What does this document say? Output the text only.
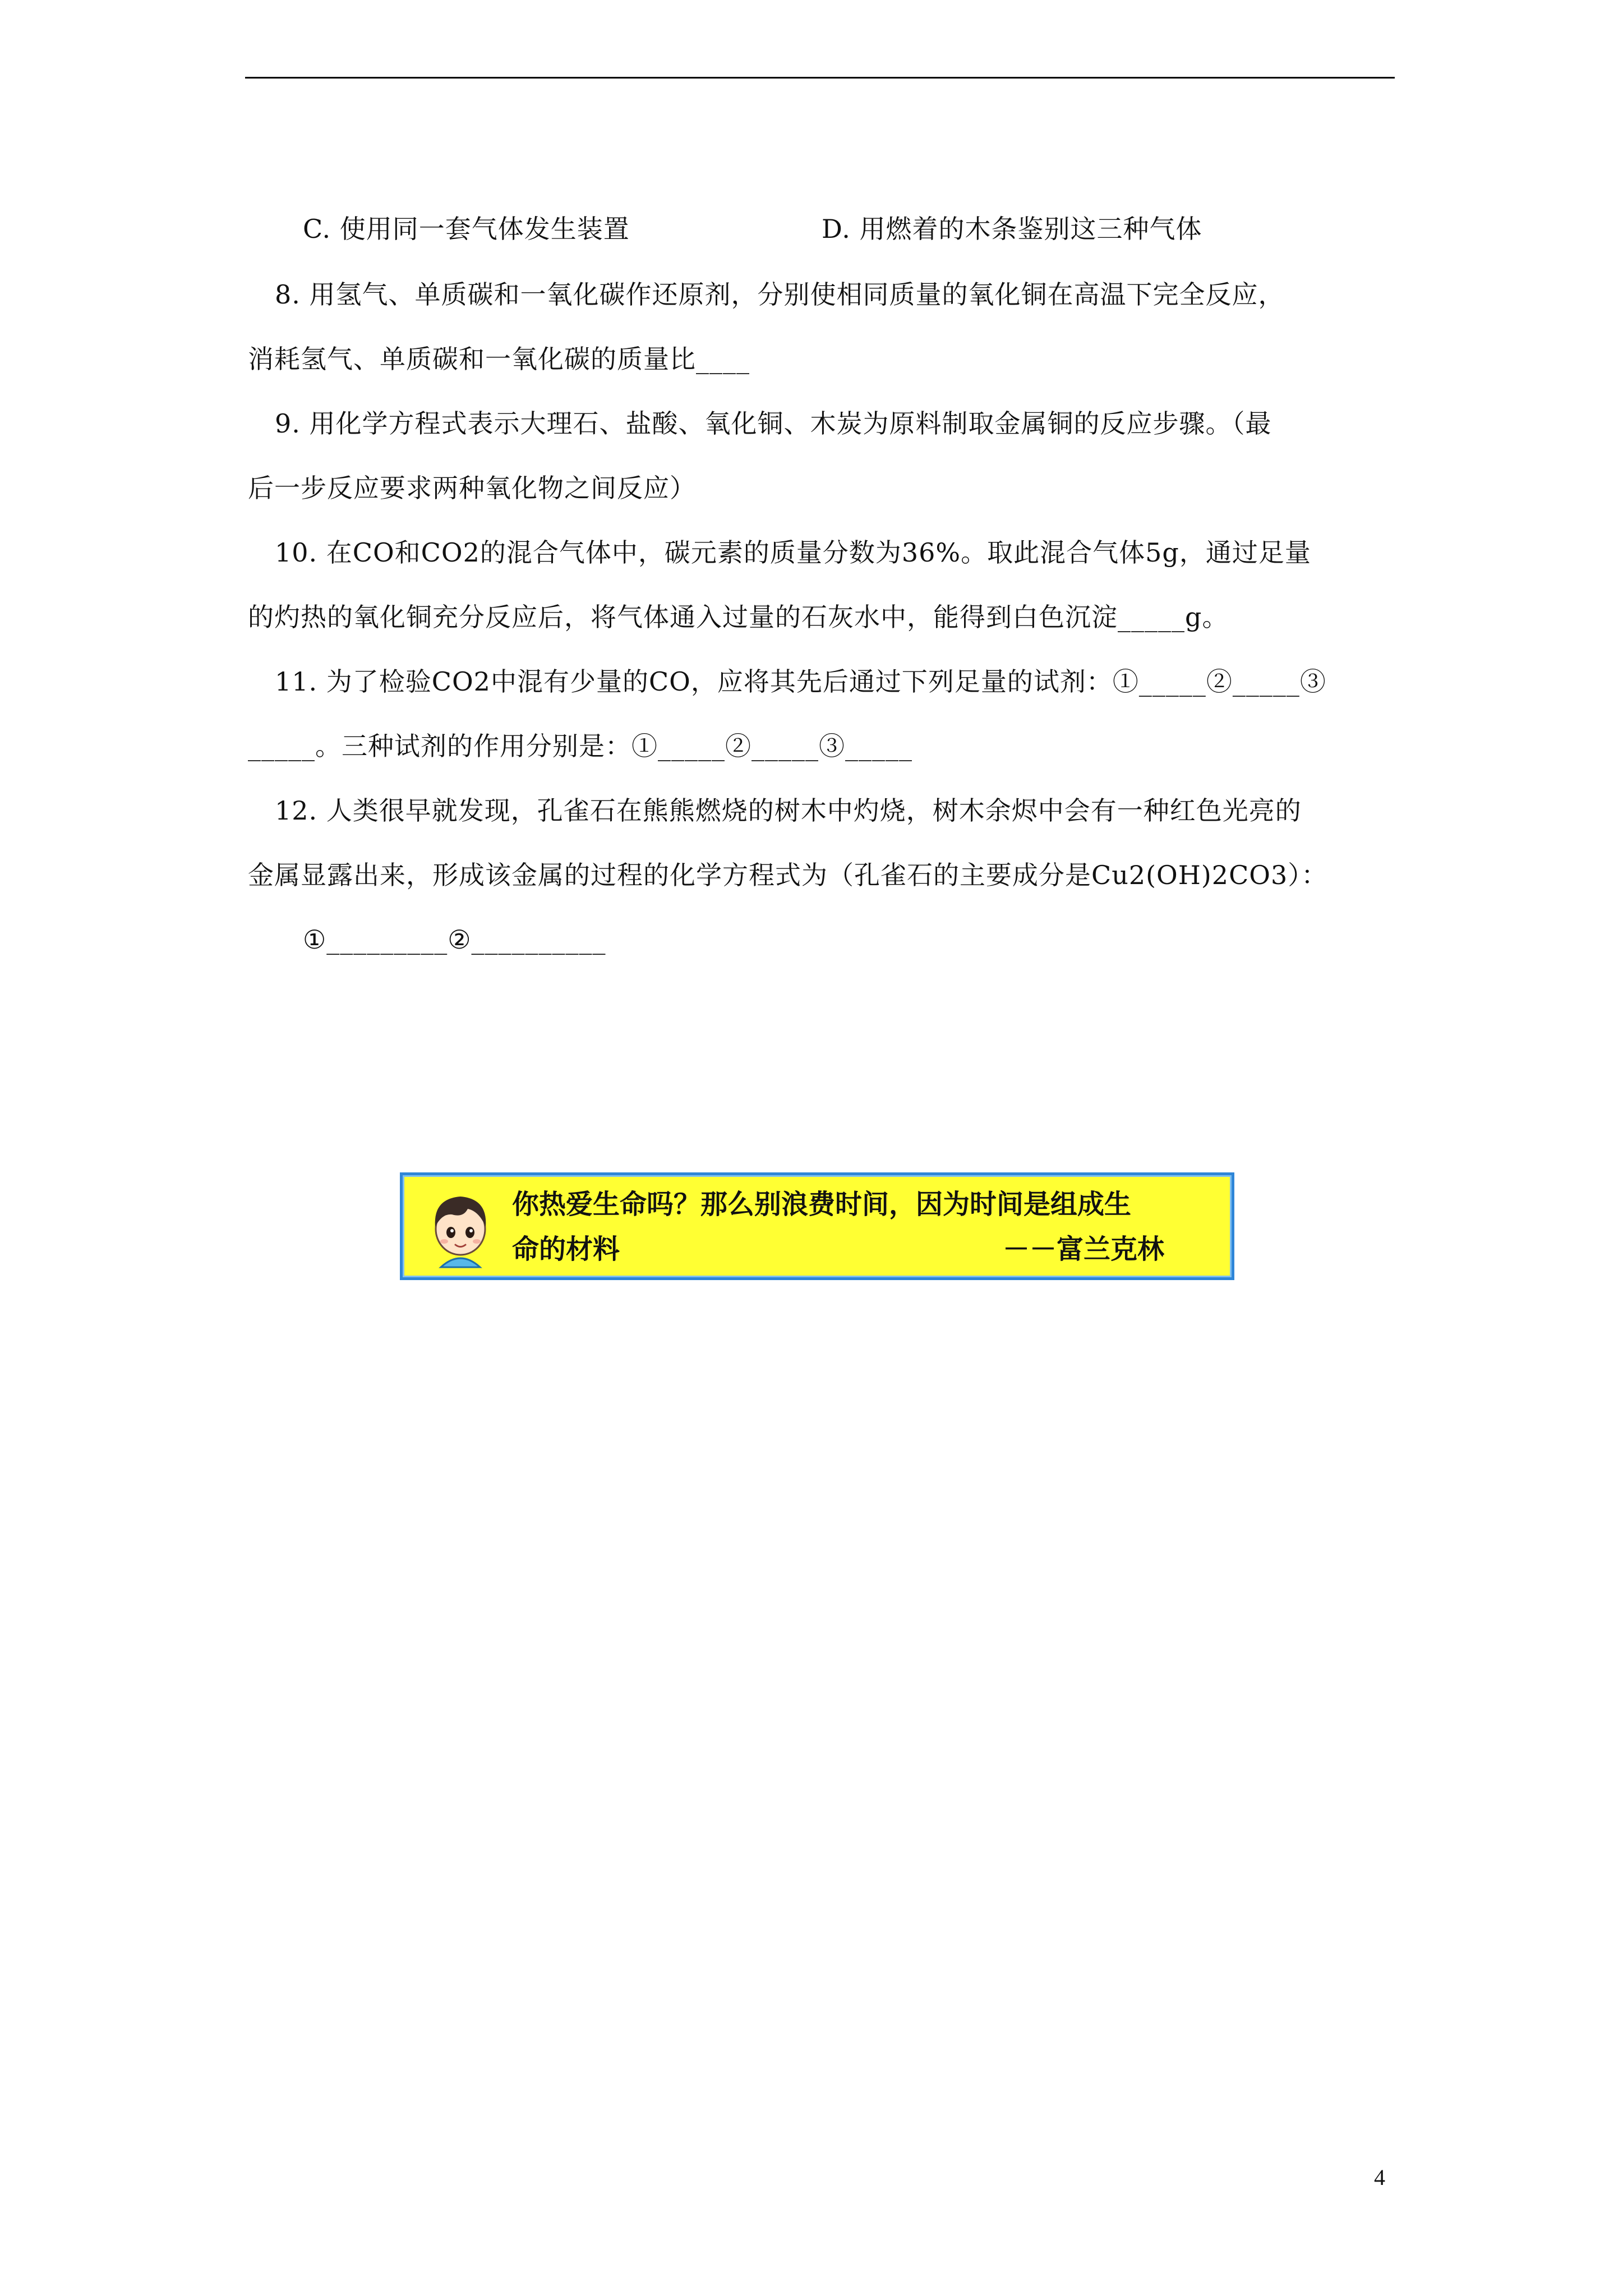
C. 使用同一套气体发生装置	D. 用燃着的木条鉴别这三种气体
8. 用氢气、单质碳和一氧化碳作还原剂，分别使相同质量的氧化铜在高温下完全反应，
消耗氢气、单质碳和一氧化碳的质量比____
9. 用化学方程式表示大理石、盐酸、氧化铜、木炭为原料制取金属铜的反应步骤。（最
后一步反应要求两种氧化物之间反应）
10. 在CO和CO2的混合气体中，碳元素的质量分数为36%。取此混合气体5g，通过足量
的灼热的氧化铜充分反应后，将气体通入过量的石灰水中，能得到白色沉淀_____g。
11. 为了检验CO2中混有少量的CO，应将其先后通过下列足量的试剂：①_____②_____③
_____。三种试剂的作用分别是：①_____②_____③_____
12. 人类很早就发现，孔雀石在熊熊燃烧的树木中灼烧，树木余烬中会有一种红色光亮的
金属显露出来，形成该金属的过程的化学方程式为（孔雀石的主要成分是Cu2(OH)2CO3）：
①_________②__________
你热爱生命吗？那么别浪费时间，因为时间是组成生
命的材料	－－富兰克林
4
